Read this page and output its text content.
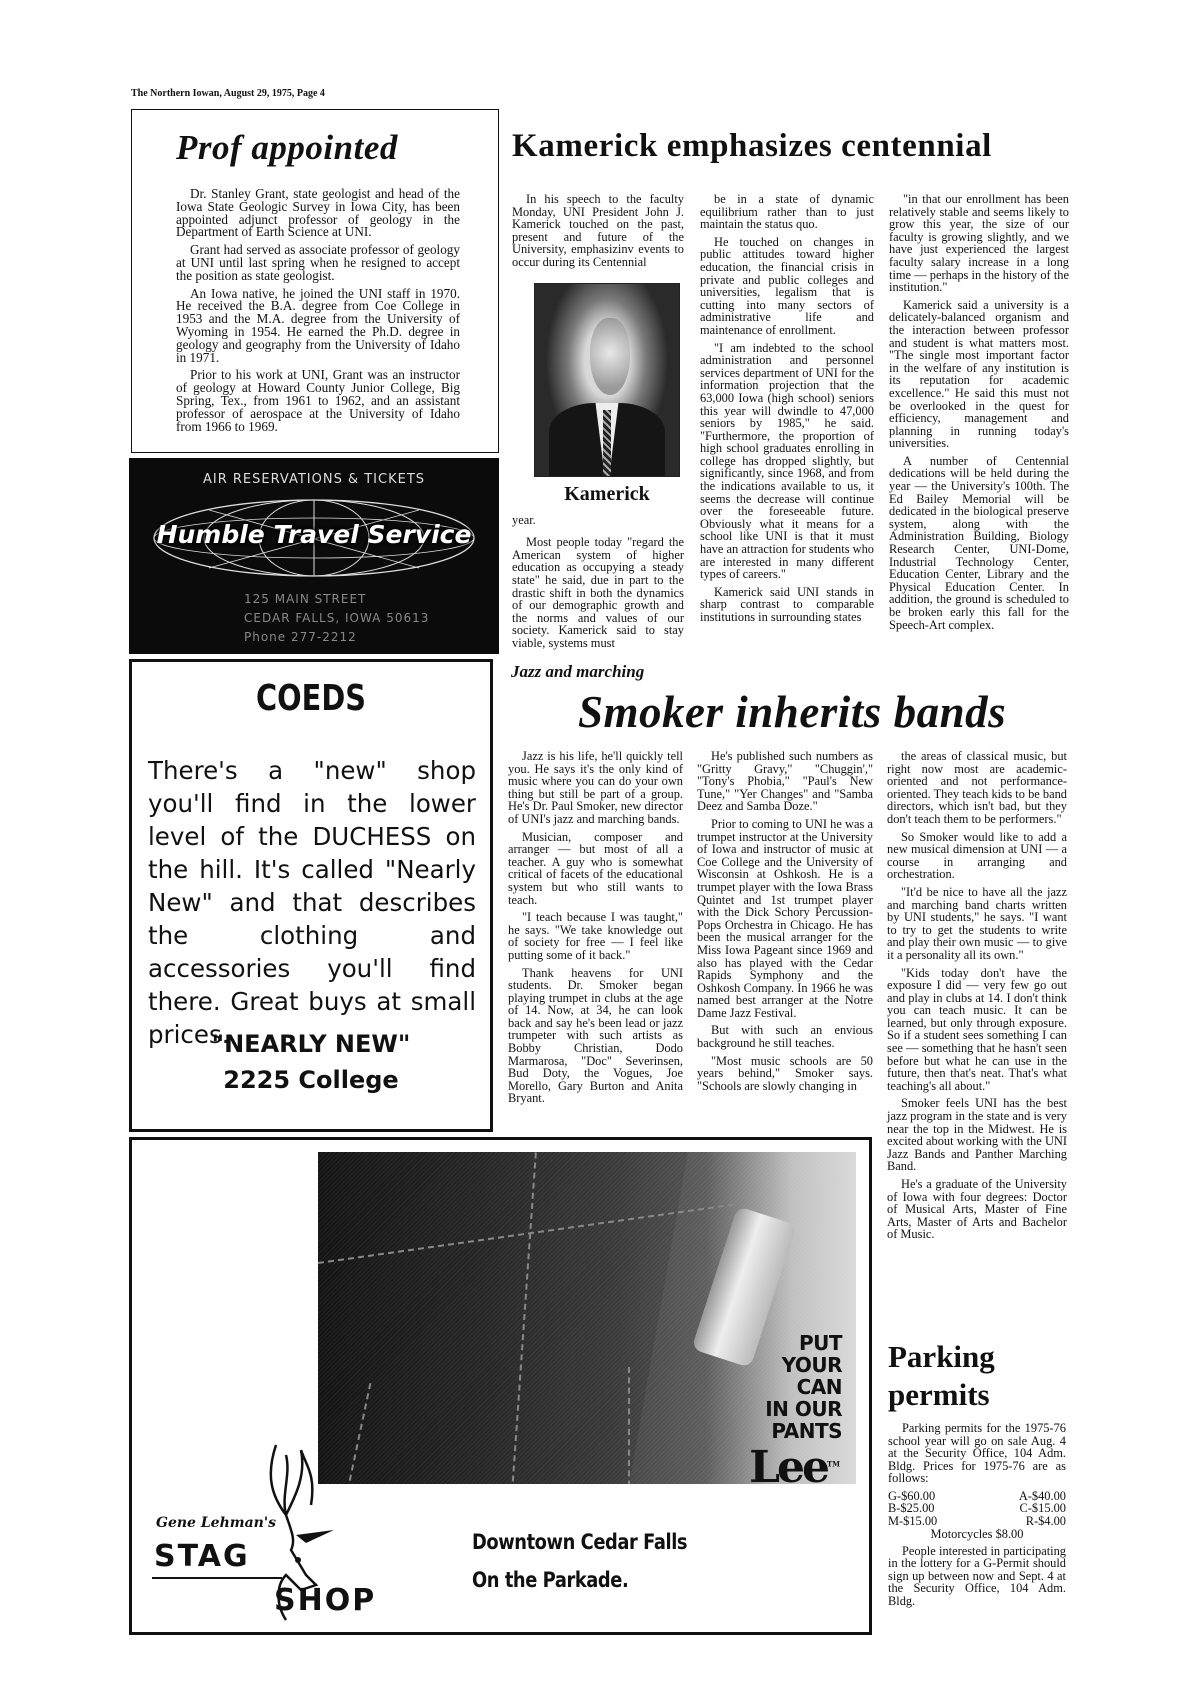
The Northern Iowan, August 29, 1975, Page 4
Prof appointed

Dr. Stanley Grant, state geologist and head of the Iowa State Geologic Survey in Iowa City, has been appointed adjunct professor of geology in the Department of Earth Science at UNI.

Grant had served as associate professor of geology at UNI until last spring when he resigned to accept the position as state geologist.

An Iowa native, he joined the UNI staff in 1970. He received the B.A. degree from Coe College in 1953 and the M.A. degree from the University of Wyoming in 1954. He earned the Ph.D. degree in geology and geography from the University of Idaho in 1971.

Prior to his work at UNI, Grant was an instructor of geology at Howard County Junior College, Big Spring, Tex., from 1961 to 1962, and an assistant professor of aerospace at the University of Idaho from 1966 to 1969.

Kamerick emphasizes centennial

In his speech to the faculty Monday, UNI President John J. Kamerick touched on the past, present and future of the University, emphasizinv events to occur during its Centennial

Kamerick

year.

Most people today "regard the American system of higher education as occupying a steady state" he said, due in part to the drastic shift in both the dynamics of our demographic growth and the norms and values of our society. Kamerick said to stay viable, systems must

be in a state of dynamic equilibrium rather than to just maintain the status quo.

He touched on changes in public attitudes toward higher education, the financial crisis in private and public colleges and universities, legalism that is cutting into many sectors of administrative life and maintenance of enrollment.

"I am indebted to the school administration and personnel services department of UNI for the information projection that the 63,000 Iowa (high school) seniors this year will dwindle to 47,000 seniors by 1985," he said. "Furthermore, the proportion of high school graduates enrolling in college has dropped slightly, but significantly, since 1968, and from the indications available to us, it seems the decrease will continue over the foreseeable future. Obviously what it means for a school like UNI is that it must have an attraction for students who are interested in many different types of careers."

Kamerick said UNI stands in sharp contrast to comparable institutions in surrounding states

"in that our enrollment has been relatively stable and seems likely to grow this year, the size of our faculty is growing slightly, and we have just experienced the largest faculty salary increase in a long time — perhaps in the history of the institution."

Kamerick said a university is a delicately-balanced organism and the interaction between professor and student is what matters most. "The single most important factor in the welfare of any institution is its reputation for academic excellence." He said this must not be overlooked in the quest for efficiency, management and planning in running today's universities.

A number of Centennial dedications will be held during the year — the University's 100th. The Ed Bailey Memorial will be dedicated in the biological preserve system, along with the Administration Building, Biology Research Center, UNI-Dome, Industrial Technology Center, Education Center, Library and the Physical Education Center. In addition, the ground is scheduled to be broken early this fall for the Speech-Art complex.

AIR RESERVATIONS & TICKETS
Humble Travel Service
125 MAIN STREET
CEDAR FALLS, IOWA 50613
Phone 277-2212
COEDS
There's a "new" shop you'll find in the lower level of the DUCHESS on the hill. It's called "Nearly New" and that describes the clothing and accessories you'll find there. Great buys at small prices.
"NEARLY NEW"
2225 College
Jazz and marching
Smoker inherits bands

Jazz is his life, he'll quickly tell you. He says it's the only kind of music where you can do your own thing but still be part of a group. He's Dr. Paul Smoker, new director of UNI's jazz and marching bands.

Musician, composer and arranger — but most of all a teacher. A guy who is somewhat critical of facets of the educational system but who still wants to teach.

"I teach because I was taught," he says. "We take knowledge out of society for free — I feel like putting some of it back."

Thank heavens for UNI students. Dr. Smoker began playing trumpet in clubs at the age of 14. Now, at 34, he can look back and say he's been lead or jazz trumpeter with such artists as Bobby Christian, Dodo Marmarosa, "Doc" Severinsen, Bud Doty, the Vogues, Joe Morello, Gary Burton and Anita Bryant.

He's published such numbers as "Gritty Gravy," "Chuggin'," "Tony's Phobia," "Paul's New Tune," "Yer Changes" and "Samba Deez and Samba Doze."

Prior to coming to UNI he was a trumpet instructor at the University of Iowa and instructor of music at Coe College and the University of Wisconsin at Oshkosh. He is a trumpet player with the Iowa Brass Quintet and 1st trumpet player with the Dick Schory Percussion-Pops Orchestra in Chicago. He has been the musical arranger for the Miss Iowa Pageant since 1969 and also has played with the Cedar Rapids Symphony and the Oshkosh Company. In 1966 he was named best arranger at the Notre Dame Jazz Festival.

But with such an envious background he still teaches.

"Most music schools are 50 years behind," Smoker says. "Schools are slowly changing in

the areas of classical music, but right now most are academic-oriented and not performance-oriented. They teach kids to be band directors, which isn't bad, but they don't teach them to be performers."

So Smoker would like to add a new musical dimension at UNI — a course in arranging and orchestration.

"It'd be nice to have all the jazz and marching band charts written by UNI students," he says. "I want to try to get the students to write and play their own music — to give it a personality all its own."

"Kids today don't have the exposure I did — very few go out and play in clubs at 14. I don't think you can teach music. It can be learned, but only through exposure. So if a student sees something I can see — something that he hasn't seen before but what he can use in the future, then that's neat. That's what teaching's all about."

Smoker feels UNI has the best jazz program in the state and is very near the top in the Midwest. He is excited about working with the UNI Jazz Bands and Panther Marching Band.

He's a graduate of the University of Iowa with four degrees: Doctor of Musical Arts, Master of Fine Arts, Master of Arts and Bachelor of Music.

Parking
permits

Parking permits for the 1975-76 school year will go on sale Aug. 4 at the Security Office, 104 Adm. Bldg. Prices for 1975-76 are as follows:

G-$60.00	A-$40.00
B-$25.00	C-$15.00
M-$15.00	R-$4.00
Motorcycles $8.00

People interested in participating in the lottery for a G-Permit should sign up between now and Sept. 4 at the Security Office, 104 Adm. Bldg.

PUT
YOUR
CAN
IN OUR
PANTS
Lee™
Gene Lehman's
STAG
SHOP
Downtown Cedar Falls
On the Parkade.
